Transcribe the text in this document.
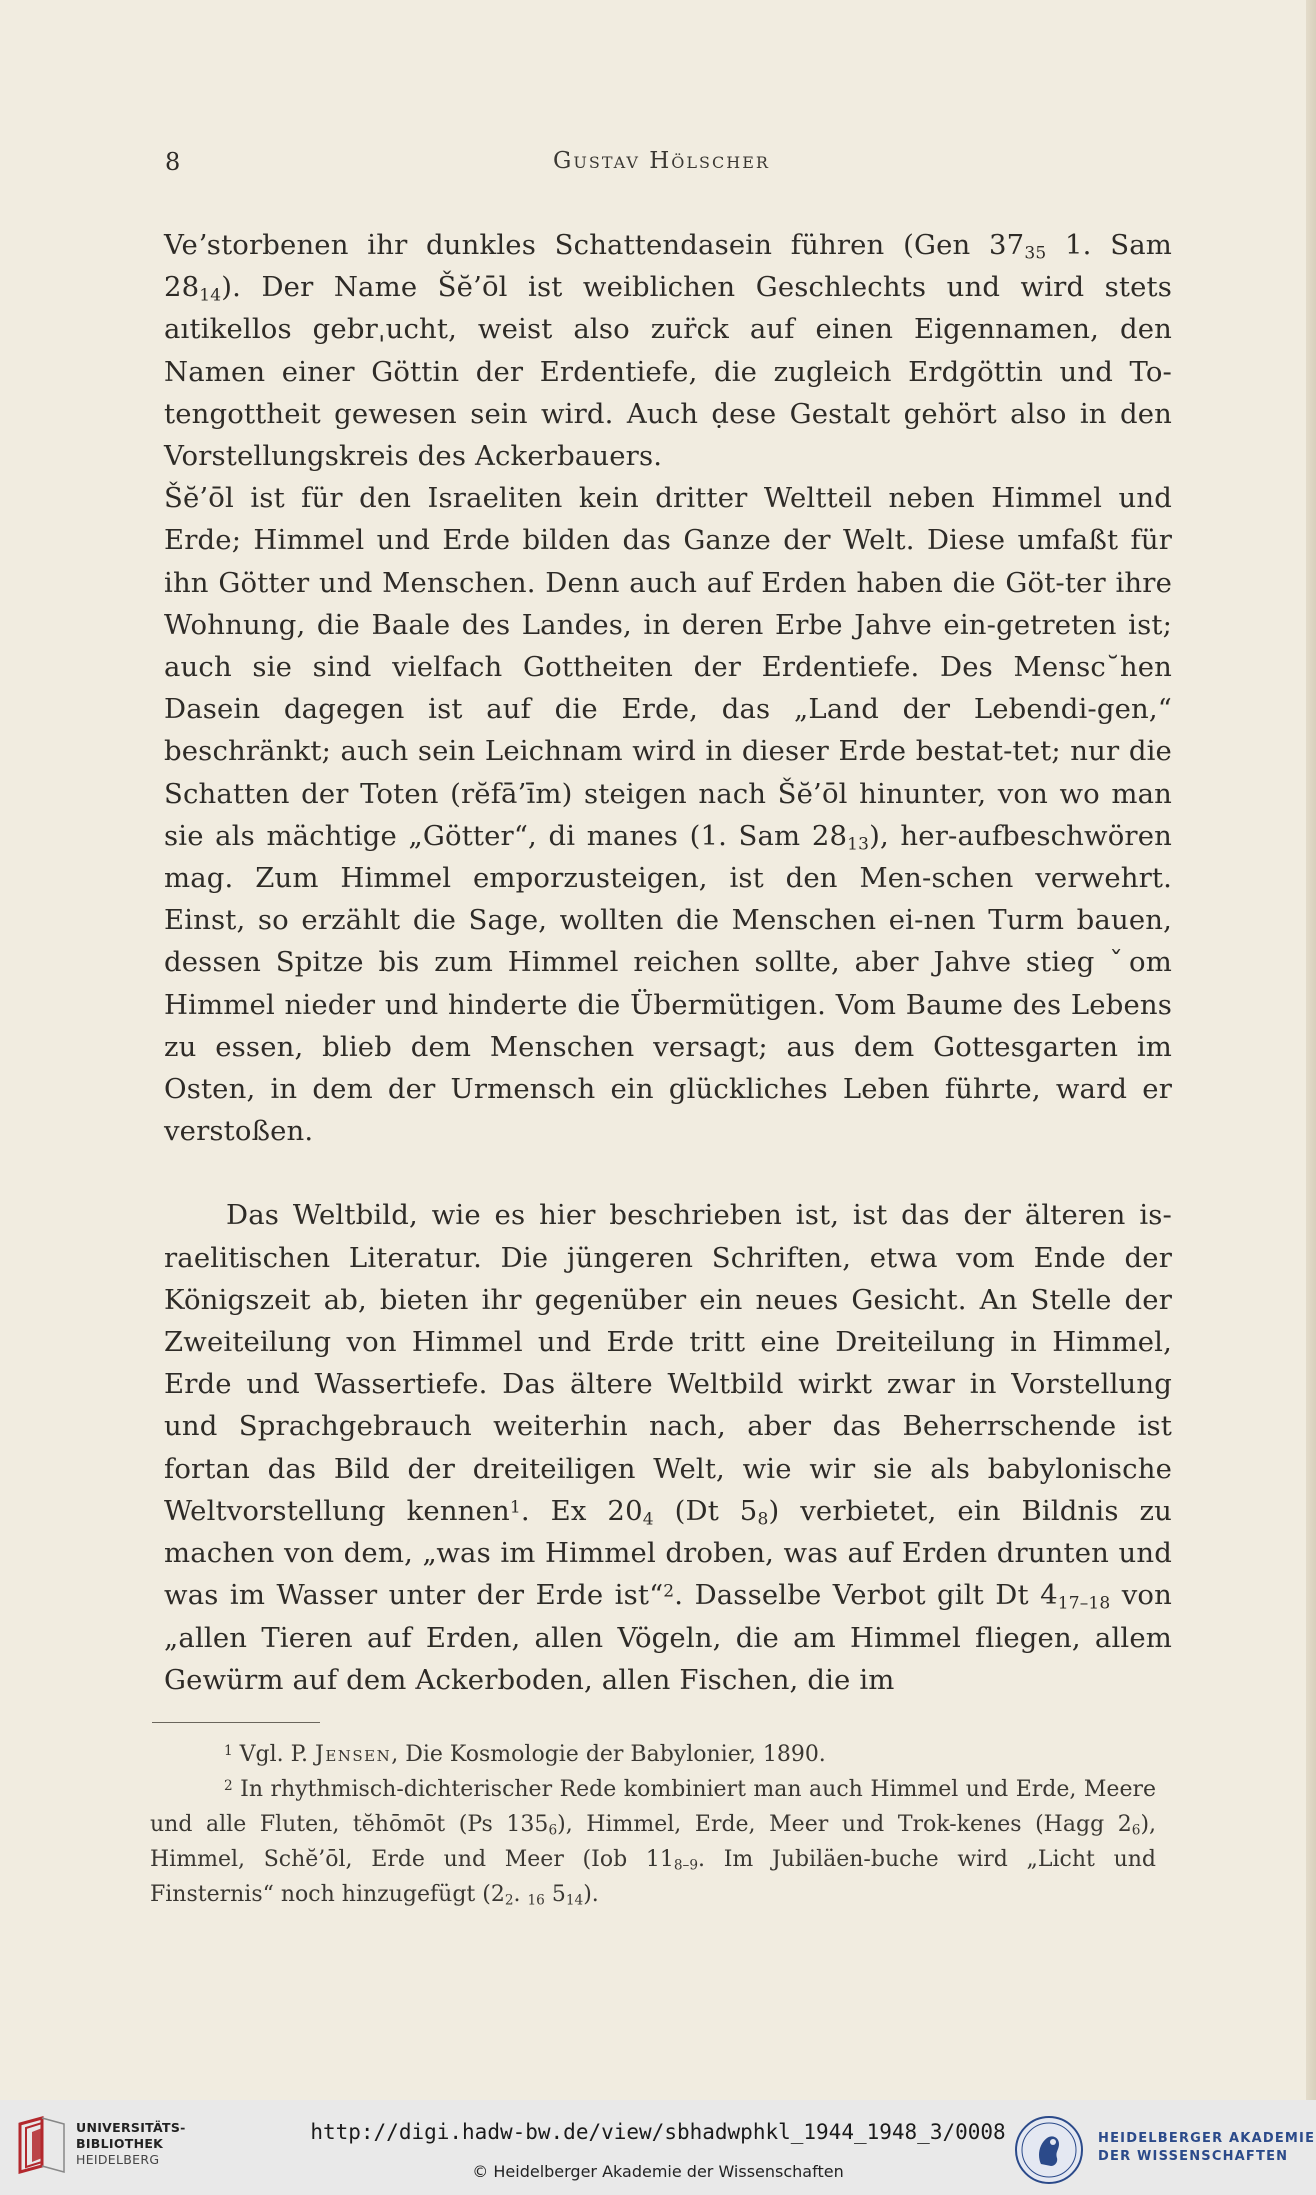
8	Gustav Hölscher

Veʼstorbenen ihr dunkles Schattendasein führen (Gen $37_{35}$ 1. Sam $28_{14}$). Der Name Šĕ’ōl ist weiblichen Geschlechts und wird stets aıtikellos gebrˌucht, weist also zur̈ck auf einen Eigennamen, den Namen einer Göttin der Erdentiefe, die zugleich Erdgöttin und To-tengottheit gewesen sein wird. Auch ḍese Gestalt gehört also in den Vorstellungskreis des Ackerbauers.

Šĕ’ōl ist für den Israeliten kein dritter Weltteil neben Himmel und Erde; Himmel und Erde bilden das Ganze der Welt. Diese umfaßt für ihn Götter und Menschen. Denn auch auf Erden haben die Göt-ter ihre Wohnung, die Baale des Landes, in deren Erbe Jahve ein-getreten ist; auch sie sind vielfach Gottheiten der Erdentiefe. Des Mensc˘hen Dasein dagegen ist auf die Erde, das „Land der Lebendi-gen,“ beschränkt; auch sein Leichnam wird in dieser Erde bestat-tet; nur die Schatten der Toten (rĕfā’īm) steigen nach Šĕ’ōl hinunter, von wo man sie als mächtige „Götter“, di manes (1. Sam $28_{13}$), her-aufbeschwören mag. Zum Himmel emporzusteigen, ist den Men-schen verwehrt. Einst, so erzählt die Sage, wollten die Menschen ei-nen Turm bauen, dessen Spitze bis zum Himmel reichen sollte, aber Jahve stieg ˇom Himmel nieder und hinderte die Übermütigen. Vom Baume des Lebens zu essen, blieb dem Menschen versagt; aus dem Gottesgarten im Osten, in dem der Urmensch ein glückliches Leben führte, ward er verstoßen.

Das Weltbild, wie es hier beschrieben ist, ist das der älteren is-raelitischen Literatur. Die jüngeren Schriften, etwa vom Ende der Königszeit ab, bieten ihr gegenüber ein neues Gesicht. An Stelle der Zweiteilung von Himmel und Erde tritt eine Dreiteilung in Himmel, Erde und Wassertiefe. Das ältere Weltbild wirkt zwar in Vorstellung und Sprachgebrauch weiterhin nach, aber das Beherrschende ist fortan das Bild der dreiteiligen Welt, wie wir sie als babylonische Weltvorstellung kennen$^1$. Ex $20_4$ (Dt $5_8$) verbietet, ein Bildnis zu machen von dem, „was im Himmel droben, was auf Erden drunten und was im Wasser unter der Erde ist“$^2$. Dasselbe Verbot gilt Dt $4_{17-18}$ von „allen Tieren auf Erden, allen Vögeln, die am Himmel fliegen, allem Gewürm auf dem Ackerboden, allen Fischen, die im

$^1$ Vgl. P. Jensen, Die Kosmologie der Babylonier, 1890.

$^2$ In rhythmisch-dichterischer Rede kombiniert man auch Himmel und Erde, Meere und alle Fluten, tĕhōmōt (Ps $135_6$), Himmel, Erde, Meer und Trok-kenes (Hagg $2_6$), Himmel, Schĕ’ōl, Erde und Meer (Iob $11_{8-9}$. Im Jubiläen-buche wird „Licht und Finsternis“ noch hinzugefügt ($2_2$. $_{16}$ $5_{14}$).

UNIVERSITÄTS-
BIBLIOTHEK
HEIDELBERG
http://digi.hadw-bw.de/view/sbhadwphkl_1944_1948_3/0008
© Heidelberger Akademie der Wissenschaften
HEIDELBERGER AKADEMIE
DER WISSENSCHAFTEN
